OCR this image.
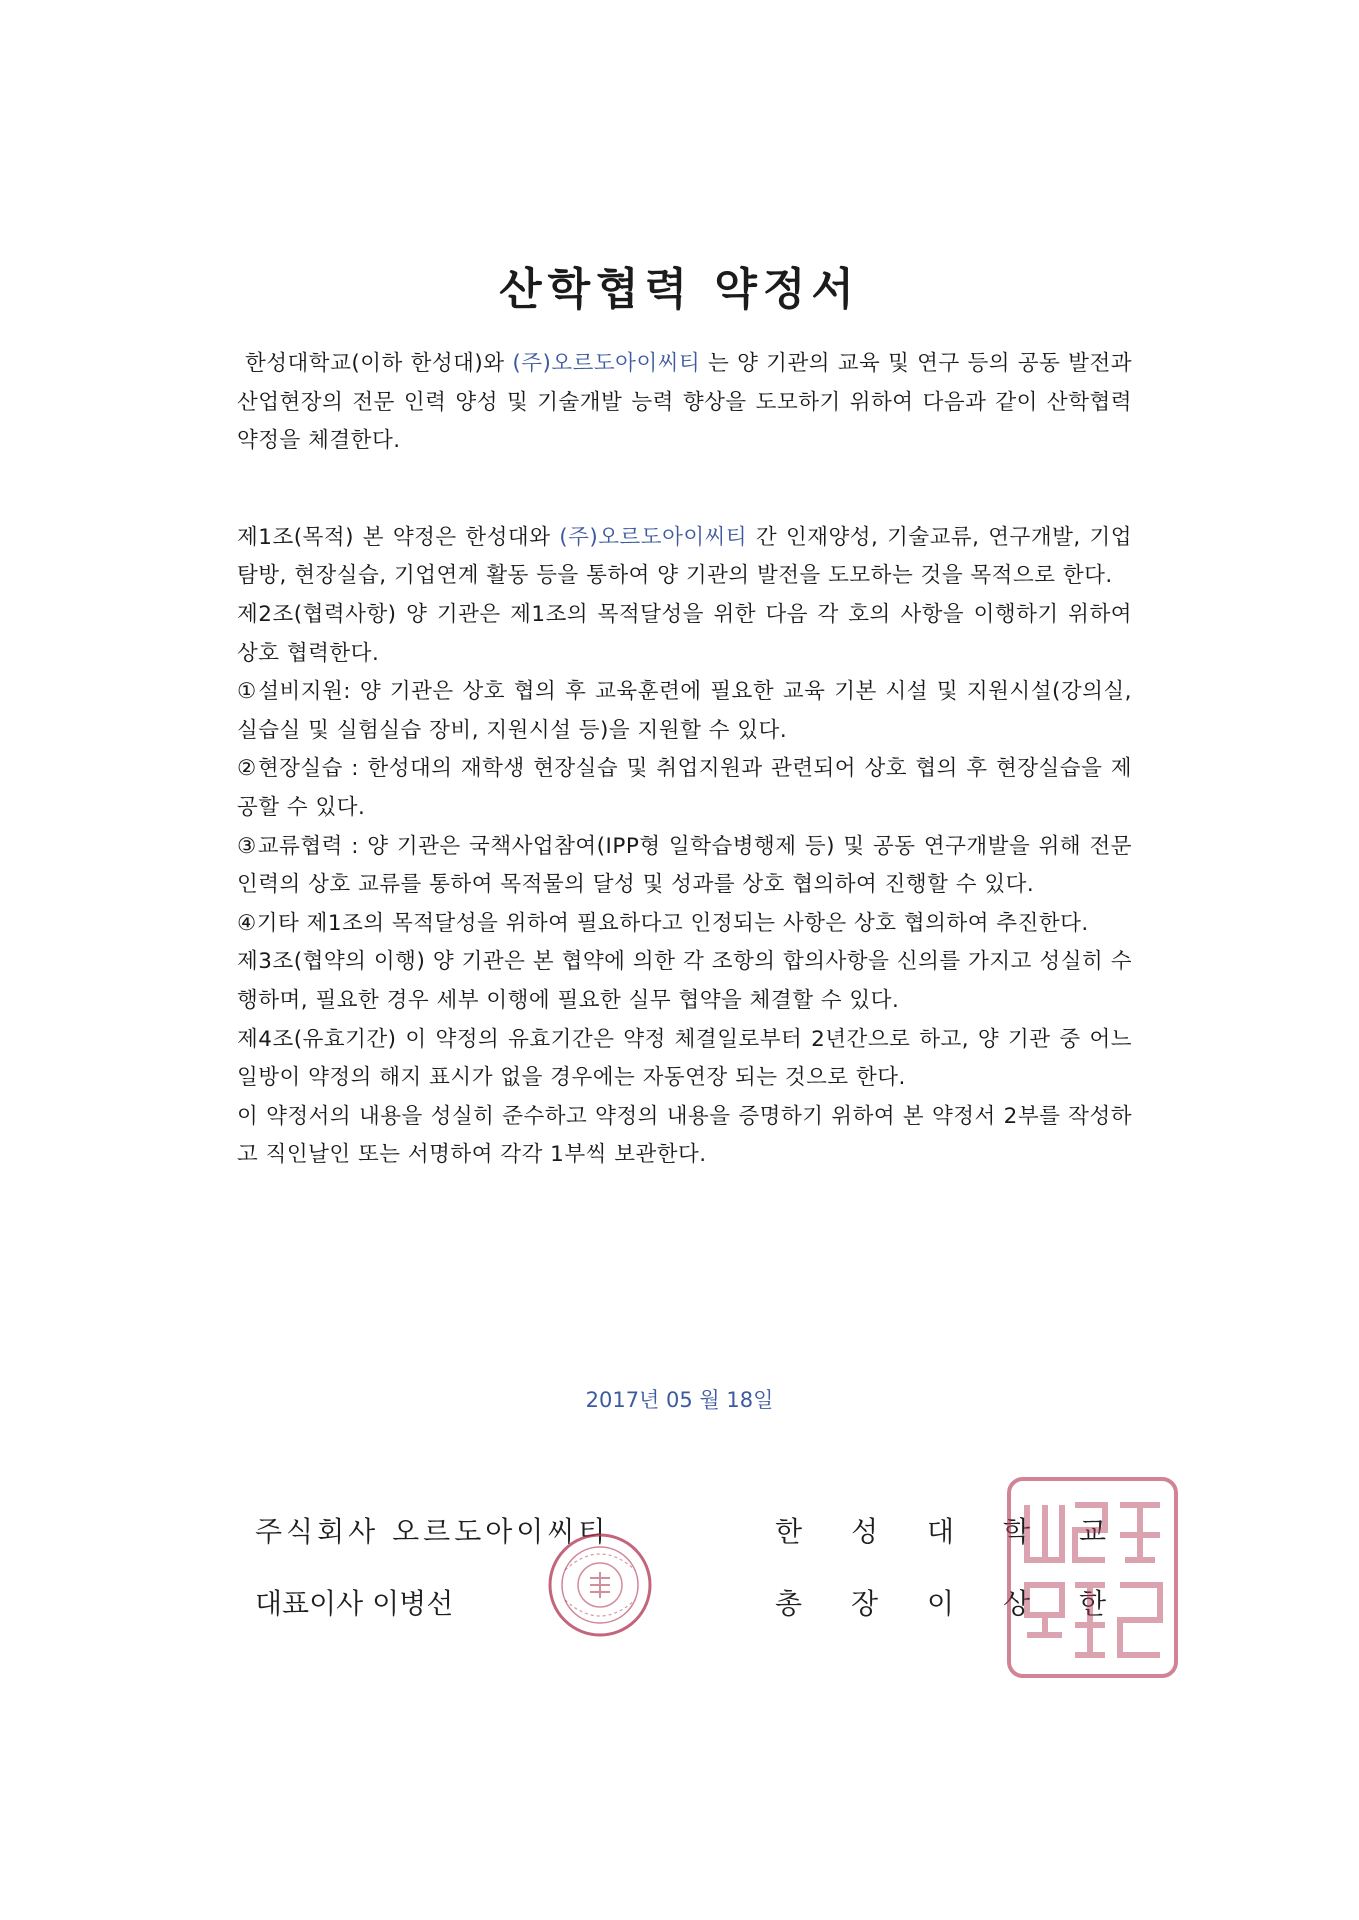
산학협력 약정서

한성대학교(이하 한성대)와 (주)오르도아이씨티 는 양 기관의 교육 및 연구 등의 공동 발전과 산업현장의 전문 인력 양성 및 기술개발 능력 향상을 도모하기 위하여 다음과 같이 산학협력약정을 체결한다.

제1조(목적) 본 약정은 한성대와 (주)오르도아이씨티 간 인재양성, 기술교류, 연구개발, 기업탐방, 현장실습, 기업연계 활동 등을 통하여 양 기관의 발전을 도모하는 것을 목적으로 한다.

제2조(협력사항) 양 기관은 제1조의 목적달성을 위한 다음 각 호의 사항을 이행하기 위하여 상호 협력한다.

①설비지원: 양 기관은 상호 협의 후 교육훈련에 필요한 교육 기본 시설 및 지원시설(강의실, 실습실 및 실험실습 장비, 지원시설 등)을 지원할 수 있다.

②현장실습 : 한성대의 재학생 현장실습 및 취업지원과 관련되어 상호 협의 후 현장실습을 제공할 수 있다.

③교류협력 : 양 기관은 국책사업참여(IPP형 일학습병행제 등) 및 공동 연구개발을 위해 전문인력의 상호 교류를 통하여 목적물의 달성 및 성과를 상호 협의하여 진행할 수 있다.

④기타 제1조의 목적달성을 위하여 필요하다고 인정되는 사항은 상호 협의하여 추진한다.

제3조(협약의 이행) 양 기관은 본 협약에 의한 각 조항의 합의사항을 신의를 가지고 성실히 수행하며, 필요한 경우 세부 이행에 필요한 실무 협약을 체결할 수 있다.

제4조(유효기간) 이 약정의 유효기간은 약정 체결일로부터 2년간으로 하고, 양 기관 중 어느 일방이 약정의 해지 표시가 없을 경우에는 자동연장 되는 것으로 한다.

이 약정서의 내용을 성실히 준수하고 약정의 내용을 증명하기 위하여 본 약정서 2부를 작성하고 직인날인 또는 서명하여 각각 1부씩 보관한다.

2017년 05 월 18일
주식회사 오르도아이씨티
대표이사 이병선
한 성 대 학 교
총 장 이 상 한
